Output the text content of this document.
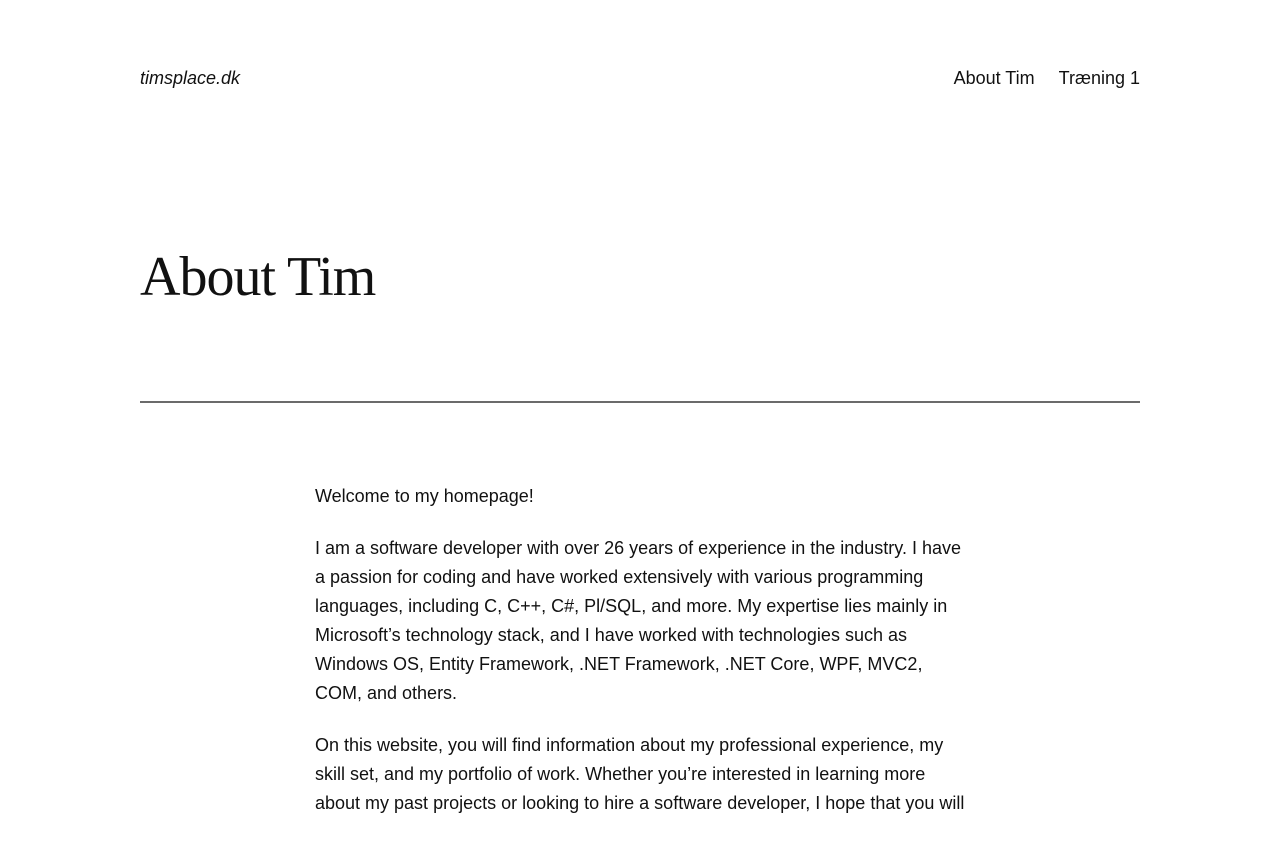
timsplace.dk	About Tim Træning 1
About Tim

Welcome to my homepage!

I am a software developer with over 26 years of experience in the industry. I have a passion for coding and have worked extensively with various programming languages, including C, C++, C#, Pl/SQL, and more. My expertise lies mainly in Microsoft’s technology stack, and I have worked with technologies such as Windows OS, Entity Framework, .NET Framework, .NET Core, WPF, MVC2, COM, and others.

On this website, you will find information about my professional experience, my skill set, and my portfolio of work. Whether you’re interested in learning more about my past projects or looking to hire a software developer, I hope that you will
